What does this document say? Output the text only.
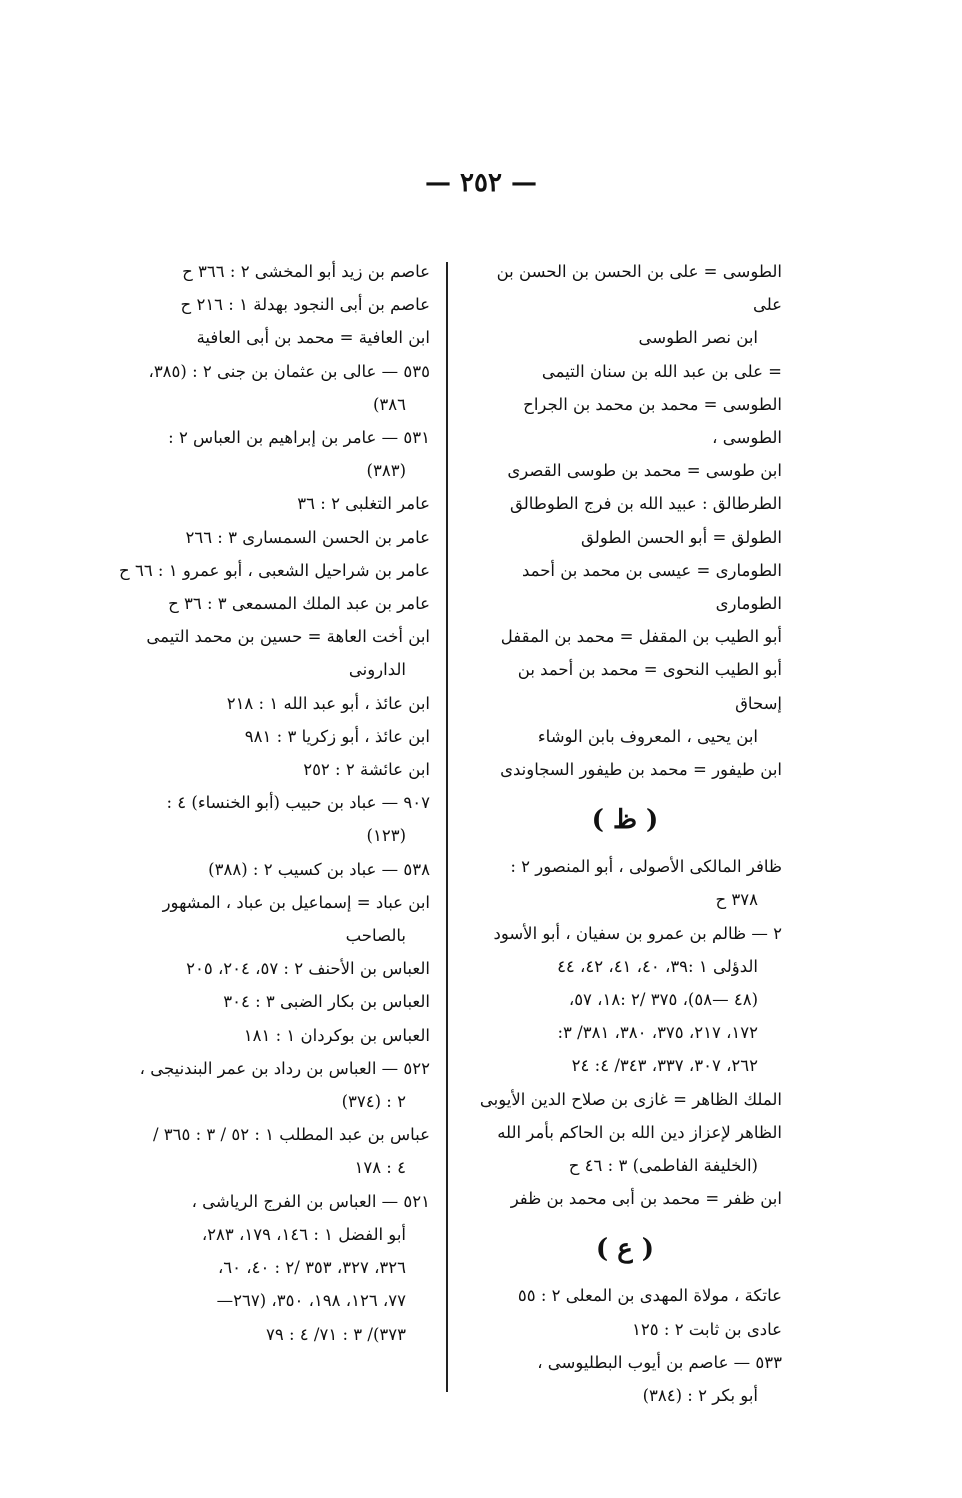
— ٢٥٢ —
الطوسى = على بن الحسن بن الحسن بن على
ابن نصر الطوسى
= على بن عبد الله بن سنان التيمى
الطوسى = محمد بن محمد بن الجراح الطوسى ،
ابن طوسى = محمد بن طوسى القصرى
الطرطالق : عبيد الله بن فرج الطوطالق
الطولق = أبو الحسن الطولق
الطومارى = عيسى بن محمد بن أحمد الطومارى
أبو الطيب بن المقفل = محمد بن المقفل
أبو الطيب النحوى = محمد بن أحمد بن إسحاق
ابن يحيى ، المعروف بابن الوشاء
ابن طيفور = محمد بن طيفور السجاوندى
( ظ )
ظافر المالكى الأصولى ، أبو المنصور ٢ :
٣٧٨ ح
٢ — ظالم بن عمرو بن سفيان ، أبو الأسود
الدؤلى ١ :٣٩، ٤٠، ٤١، ٤٢، ٤٤
(٤٨ —٥٨)، ٣٧٥ /٢ :١٨، ٥٧،
١٧٢، ٢١٧، ٣٧٥، ٣٨٠، ٣٨١/ ٣:
٢٦٢، ٣٠٧، ٣٣٧، ٣٤٣/ ٤: ٢٤
الملك الظاهر = غازى بن صلاح الدين الأيوبى
الظاهر لإعزاز دين الله بن الحاكم بأمر الله
(الخليفة الفاطمى) ٣ : ٤٦ ح
ابن ظفر = محمد بن أبى محمد بن ظفر
( ع )
عاتكة ، مولاة المهدى بن المعلى ٢ : ٥٥
عادى بن ثابت ٢ : ١٢٥
٥٣٣ — عاصم بن أيوب البطليوسى ،
أبو بكر ٢ : (٣٨٤)
عاصم بن زيد أبو المخشى ٢ : ٣٦٦ ح
عاصم بن أبى النجود بهدلة ١ : ٢١٦ ح
ابن العافية = محمد بن أبى العافية
٥٣٥ — عالى بن عثمان بن جنى ٢ : (٣٨٥،
٣٨٦)
٥٣١ — عامر بن إبراهيم بن العباس ٢ :
(٣٨٣)
عامر التغلبى ٢ : ٣٦
عامر بن الحسن السمسارى ٣ : ٢٦٦
عامر بن شراحيل الشعبى ، أبو عمرو ١ : ٦٦ ح
عامر بن عبد الملك المسمعى ٣ : ٣٦ ح
ابن أخت العاهة = حسين بن محمد التيمى
الدارونى
ابن عائذ ، أبو عبد الله ١ : ٢١٨
ابن عائذ ، أبو زكريا ٣ : ٩٨١
ابن عائشة ٢ : ٢٥٢
٩٠٧ — عباد بن حبيب (أبو الخنساء) ٤ :
(١٢٣)
٥٣٨ — عباد بن كسيب ٢ : (٣٨٨)
ابن عباد = إسماعيل بن عباد ، المشهور
بالصاحب
العباس بن الأحنف ٢ : ٥٧، ٢٠٤، ٢٠٥
العباس بن بكار الضبى ٣ : ٣٠٤
العباس بن بوكردان ١ : ١٨١
٥٢٢ — العباس بن رداد بن عمر البندنيجى ،
٢ : (٣٧٤)
عباس بن عبد المطلب ١ : ٥٢ / ٣ : ٣٦٥ /
٤ : ١٧٨
٥٢١ — العباس بن الفرج الرياشى ،
أبو الفضل ١ : ١٤٦، ١٧٩، ٢٨٣،
٣٢٦، ٣٢٧، ٣٥٣ /٢ : ٤٠، ٦٠،
٧٧، ١٢٦، ١٩٨، ٣٥٠، (٢٦٧—
٣٧٣)/ ٣ : ٧١/ ٤ : ٧٩
